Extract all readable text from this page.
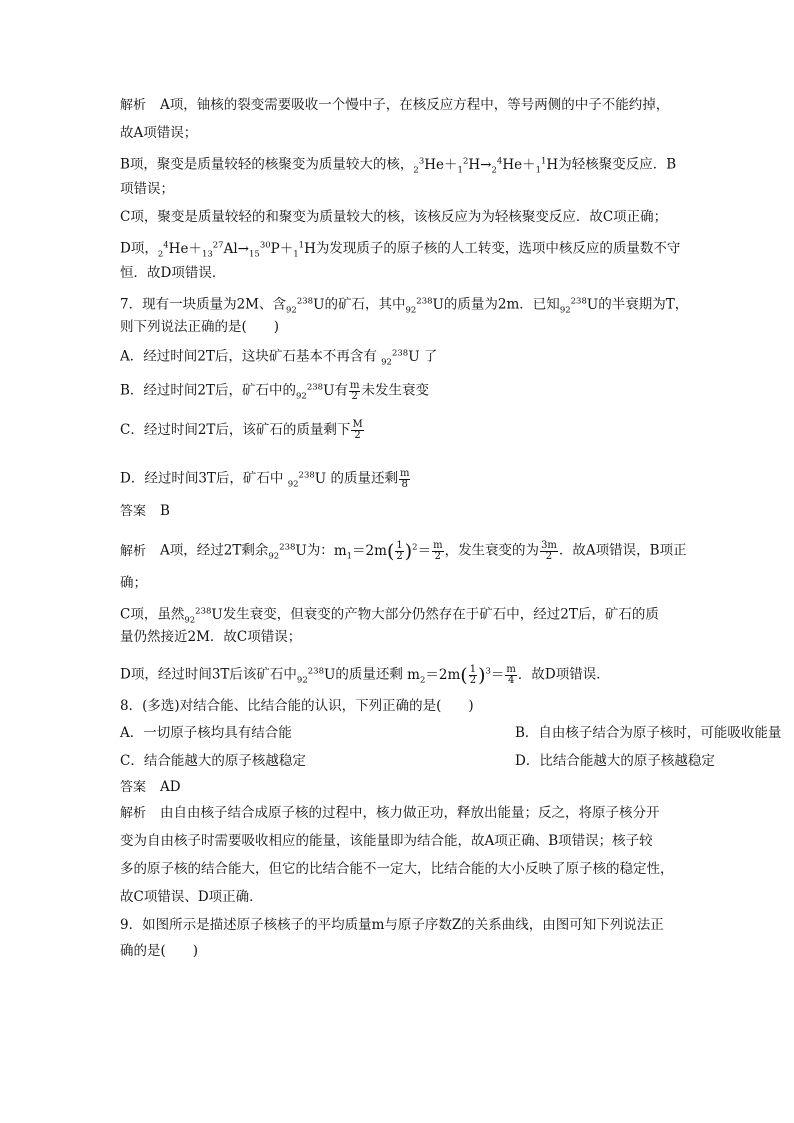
解析 A项，铀核的裂变需要吸收一个慢中子，在核反应方程中，等号两侧的中子不能约掉，
故A项错误；
B项，聚变是质量较轻的核聚变为质量较大的核，$_2^3He+_1^2H\to_2^4He+_1^1H$为轻核聚变反应．B
项错误；
C项，聚变是质量较轻的和聚变为质量较大的核，该核反应为为轻核聚变反应．故C项正确；
D项，$_2^4He+_{13}^{27}Al\to_{15}^{30}P+_1^1H$为发现质子的原子核的人工转变，选项中核反应的质量数不守
恒．故D项错误．
7．现有一块质量为2M、含$_{92}^{238}$U的矿石，其中$_{92}^{238}$U的质量为2m．已知$_{92}^{238}$U的半衰期为T，
则下列说法正确的是(　　)
A．经过时间2T后，这块矿石基本不再含有 $_{92}^{238}$U 了
B．经过时间2T后，矿石中的$_{92}^{238}$U有 $\frac{m}{2}$ 未发生衰变
C．经过时间2T后，该矿石的质量剩下 $\frac{M}{2}$
D．经过时间3T后，矿石中 $_{92}^{238}$U 的质量还剩 $\frac{m}{8}$
答案 B
解析 A项，经过2T剩余$_{92}^{238}$U为：$m_1=2m( \frac{1}{2} )^2= \frac{m}{2}$ ，发生衰变的为 $\frac{3m}{2}$ ．故A项错误，B项正
确；
C项，虽然$_{92}^{238}$U发生衰变，但衰变的产物大部分仍然存在于矿石中，经过2T后，矿石的质
量仍然接近2M．故C项错误；
D项，经过时间3T后该矿石中$_{92}^{238}$U的质量还剩 $m_2=2m( \frac{1}{2} )^3= \frac{m}{4}$ ．故D项错误．
8．(多选)对结合能、比结合能的认识，下列正确的是(　　)
A．一切原子核均具有结合能	B．自由核子结合为原子核时，可能吸收能量
C．结合能越大的原子核越稳定	D．比结合能越大的原子核越稳定
答案 AD
解析 由自由核子结合成原子核的过程中，核力做正功，释放出能量；反之，将原子核分开
变为自由核子时需要吸收相应的能量，该能量即为结合能，故A项正确、B项错误；核子较
多的原子核的结合能大，但它的比结合能不一定大，比结合能的大小反映了原子核的稳定性，
故C项错误、D项正确．
9．如图所示是描述原子核核子的平均质量m与原子序数Z的关系曲线，由图可知下列说法正
确的是(　　)
